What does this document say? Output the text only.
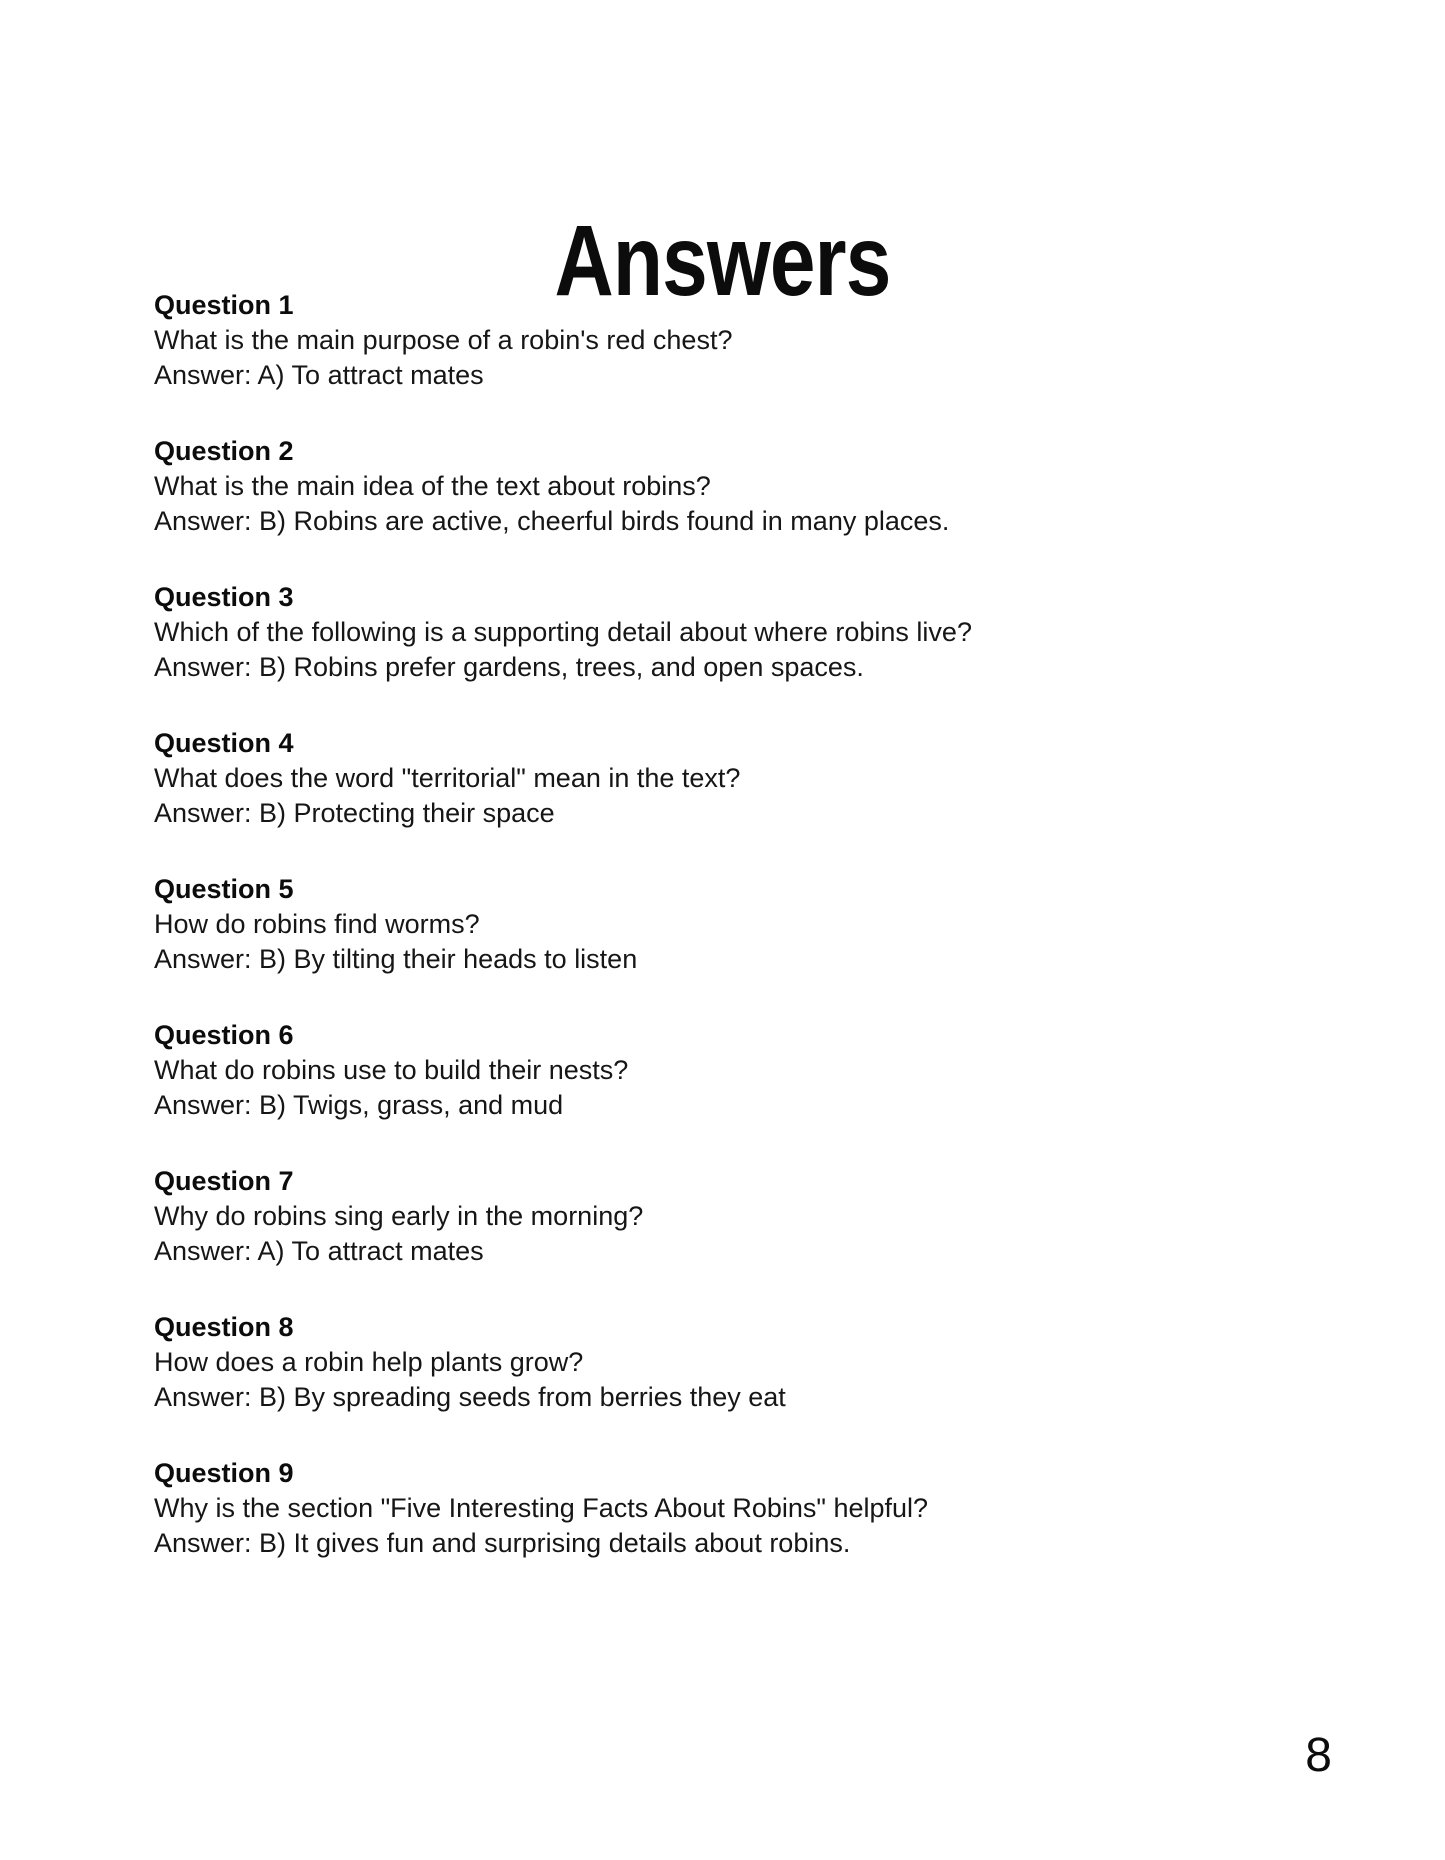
Answers
Question 1
What is the main purpose of a robin's red chest?
Answer: A) To attract mates
Question 2
What is the main idea of the text about robins?
Answer: B) Robins are active, cheerful birds found in many places.
Question 3
Which of the following is a supporting detail about where robins live?
Answer: B) Robins prefer gardens, trees, and open spaces.
Question 4
What does the word "territorial" mean in the text?
Answer: B) Protecting their space
Question 5
How do robins find worms?
Answer: B) By tilting their heads to listen
Question 6
What do robins use to build their nests?
Answer: B) Twigs, grass, and mud
Question 7
Why do robins sing early in the morning?
Answer: A) To attract mates
Question 8
How does a robin help plants grow?
Answer: B) By spreading seeds from berries they eat
Question 9
Why is the section "Five Interesting Facts About Robins" helpful?
Answer: B) It gives fun and surprising details about robins.
8
